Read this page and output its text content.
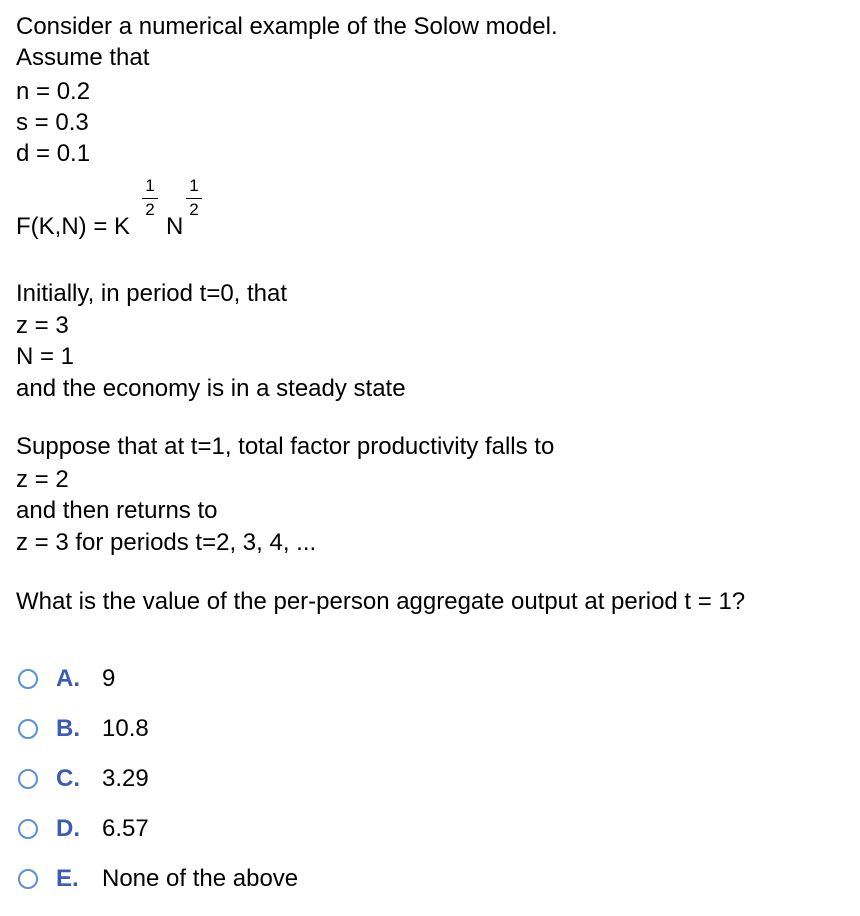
Consider a numerical example of the Solow model.
Assume that
n = 0.2
s = 0.3
d = 0.1
F(K,N) = K
1
2
N
1
2
Initially, in period t=0, that
z = 3
N = 1
and the economy is in a steady state
Suppose that at t=1, total factor productivity falls to
z = 2
and then returns to
z = 3 for periods t=2, 3, 4, ...
What is the value of the per-person aggregate output at period t = 1?
A. 9
B. 10.8
C. 3.29
D. 6.57
E. None of the above
